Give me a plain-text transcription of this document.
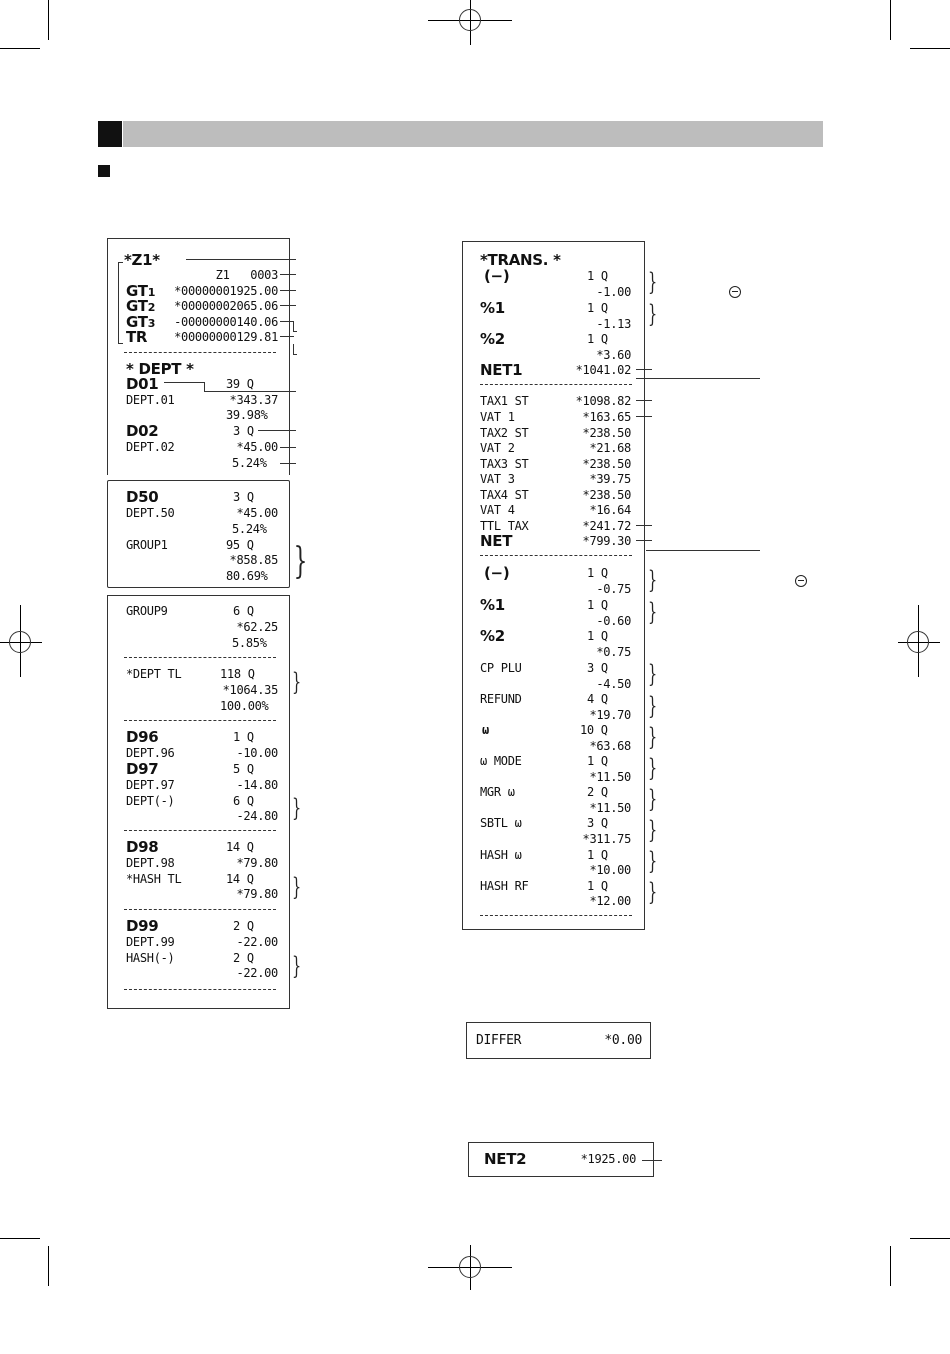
*Z1*
Z1   0003
GT1	*00000001925.00
GT2	*00000002065.06
GT3	-00000000140.06
TR	*00000000129.81
* DEPT *
D01	39 Q
DEPT.01	*343.37
39.98%
D02	3 Q
DEPT.02	*45.00
5.24%
D50	3 Q
DEPT.50	*45.00
5.24%
GROUP1	95 Q
*858.85
80.69% }
GROUP9	6 Q
*62.25
5.85%
*DEPT TL	118 Q
*1064.35
100.00%
}
D96	1 Q
DEPT.96	-10.00
D97	5 Q
DEPT.97	-14.80
DEPT(-)	6 Q
-24.80 }
D98	14 Q
DEPT.98	*79.80
*HASH TL	14 Q
*79.80 }
D99	2 Q
DEPT.99	-22.00
HASH(-)	2 Q
-22.00 }
*TRANS. *
(−)	1 Q
-1.00 }
%1	1 Q
-1.13 }
%2	1 Q
*3.60
NET1	*1041.02
TAX1 ST	*1098.82
VAT 1	*163.65
TAX2 ST	*238.50
VAT 2	*21.68
TAX3 ST	*238.50
VAT 3	*39.75
TAX4 ST	*238.50
VAT 4	*16.64
TTL TAX	*241.72
NET	*799.30
(−)	1 Q
-0.75 }
%1	1 Q
-0.60 }
%2	1 Q
*0.75
CP PLU	3 Q
-4.50 }
REFUND	4 Q
*19.70 }
ω	10 Q
*63.68 }
ω MODE	1 Q
*11.50 }
MGR ω	2 Q
*11.50 }
SBTL ω	3 Q
*311.75 }
HASH ω	1 Q
*10.00 }
HASH RF	1 Q
*12.00 }
DIFFER	*0.00
NET2	*1925.00
